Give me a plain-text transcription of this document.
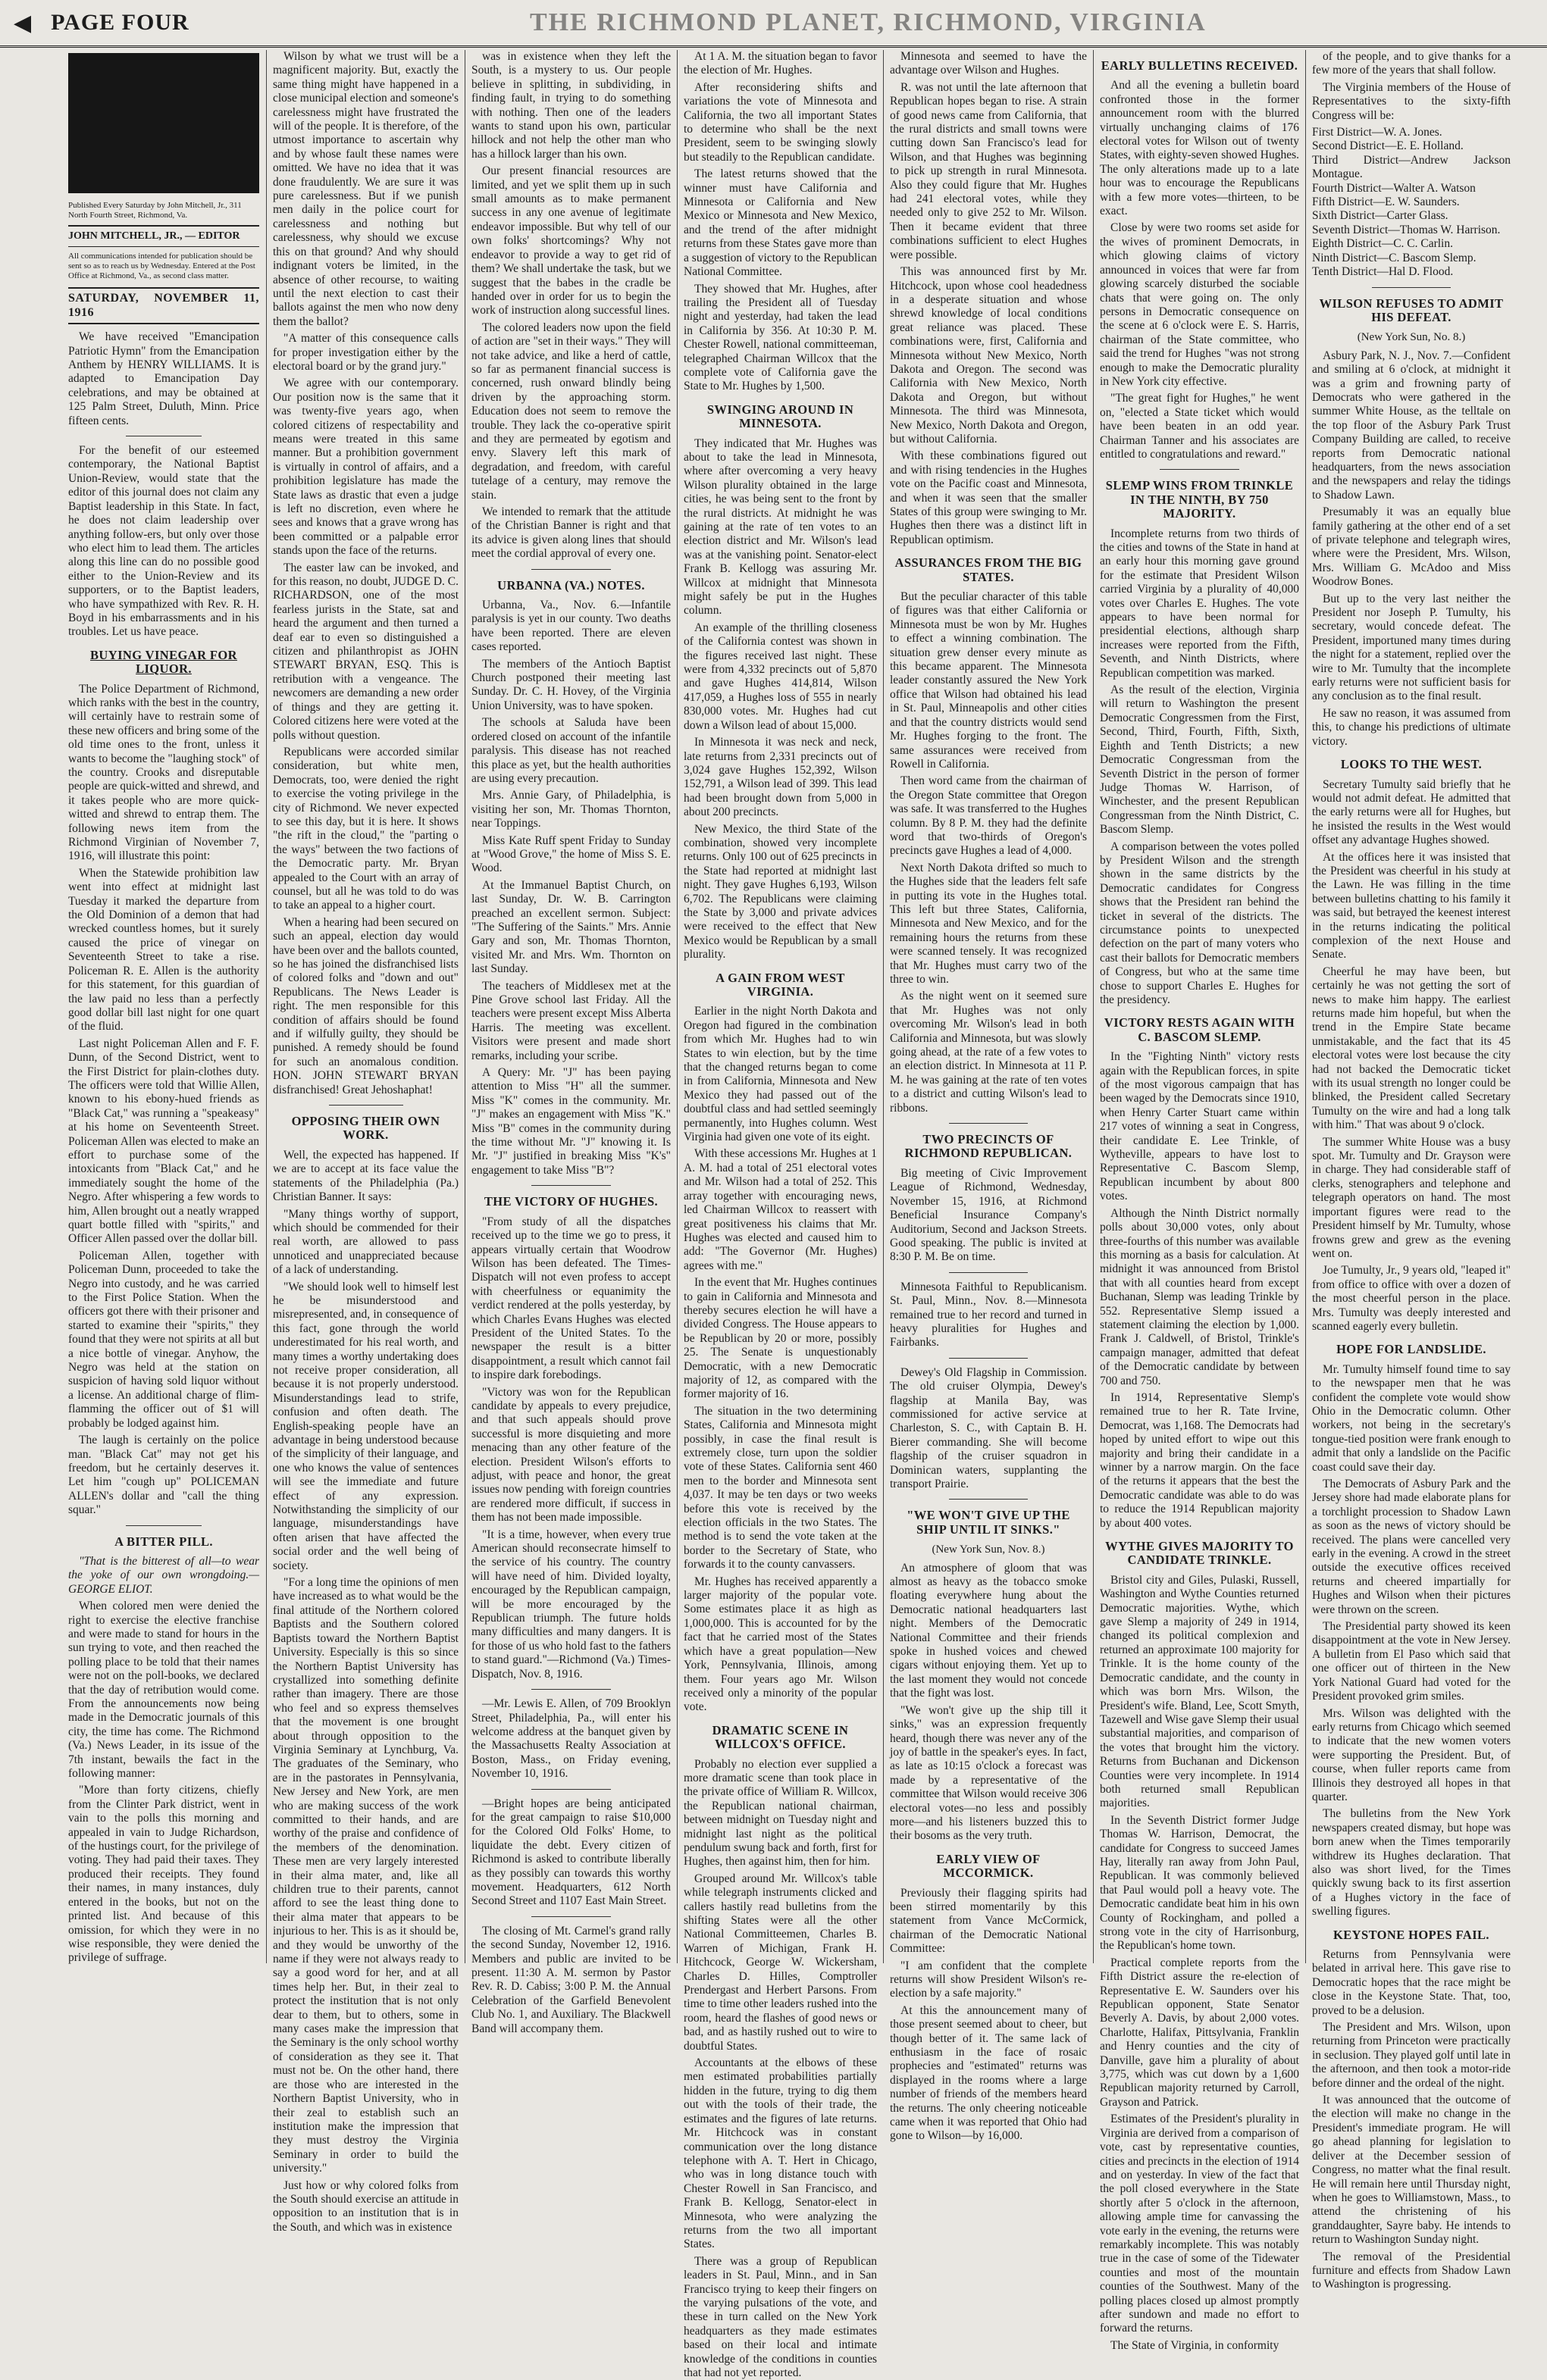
◀ PAGE FOUR	THE RICHMOND PLANET, RICHMOND, VIRGINIA
Published Every Saturday by John Mitchell, Jr., 311 North Fourth Street, Richmond, Va.
JOHN MITCHELL, JR., — EDITOR
All communications intended for publication should be sent so as to reach us by Wednesday. Entered at the Post Office at Richmond, Va., as second class matter.
SATURDAY, NOVEMBER 11, 1916

We have received "Emancipation Patriotic Hymn" from the Emancipation Anthem by HENRY WILLIAMS. It is adapted to Emancipation Day celebrations, and may be obtained at 125 Palm Street, Duluth, Minn. Price fifteen cents.

For the benefit of our esteemed contemporary, the National Baptist Union-Review, would state that the editor of this journal does not claim any Baptist leadership in this State. In fact, he does not claim leadership over anything follow-ers, but only over those who elect him to lead them. The articles along this line can do no possible good either to the Union-Review and its supporters, or to the Baptist leaders, who have sympathized with Rev. R. H. Boyd in his embarrassments and in his troubles. Let us have peace.

BUYING VINEGAR FOR LIQUOR.

The Police Department of Richmond, which ranks with the best in the country, will certainly have to restrain some of these new officers and bring some of the old time ones to the front, unless it wants to become the "laughing stock" of the country. Crooks and disreputable people are quick-witted and shrewd, and it takes people who are more quick-witted and shrewd to entrap them. The following news item from the Richmond Virginian of November 7, 1916, will illustrate this point:

When the Statewide prohibition law went into effect at midnight last Tuesday it marked the departure from the Old Dominion of a demon that had wrecked countless homes, but it surely caused the price of vinegar on Seventeenth Street to take a rise. Policeman R. E. Allen is the authority for this statement, for this guardian of the law paid no less than a perfectly good dollar bill last night for one quart of the fluid.

Last night Policeman Allen and F. F. Dunn, of the Second District, went to the First District for plain-clothes duty. The officers were told that Willie Allen, known to his ebony-hued friends as "Black Cat," was running a "speakeasy" at his home on Seventeenth Street. Policeman Allen was elected to make an effort to purchase some of the intoxicants from "Black Cat," and he immediately sought the home of the Negro. After whispering a few words to him, Allen brought out a neatly wrapped quart bottle filled with "spirits," and Officer Allen passed over the dollar bill.

Policeman Allen, together with Policeman Dunn, proceeded to take the Negro into custody, and he was carried to the First Police Station. When the officers got there with their prisoner and started to examine their "spirits," they found that they were not spirits at all but a nice bottle of vinegar. Anyhow, the Negro was held at the station on suspicion of having sold liquor without a license. An additional charge of flim-flamming the officer out of $1 will probably be lodged against him.

The laugh is certainly on the police man. "Black Cat" may not get his freedom, but he certainly deserves it. Let him "cough up" POLICEMAN ALLEN's dollar and "call the thing squar."

A BITTER PILL.

"That is the bitterest of all—to wear the yoke of our own wrongdoing.—GEORGE ELIOT.

When colored men were denied the right to exercise the elective franchise and were made to stand for hours in the sun trying to vote, and then reached the polling place to be told that their names were not on the poll-books, we declared that the day of retribution would come. From the announcements now being made in the Democratic journals of this city, the time has come. The Richmond (Va.) News Leader, in its issue of the 7th instant, bewails the fact in the following manner:

"More than forty citizens, chiefly from the Clinter Park district, went in vain to the polls this morning and appealed in vain to Judge Richardson, of the hustings court, for the privilege of voting. They had paid their taxes. They produced their receipts. They found their names, in many instances, duly entered in the books, but not on the printed list. And because of this omission, for which they were in no wise responsible, they were denied the privilege of suffrage.

Wilson by what we trust will be a magnificent majority. But, exactly the same thing might have happened in a close municipal election and someone's carelessness might have frustrated the will of the people. It is therefore, of the utmost importance to ascertain why and by whose fault these names were omitted. We have no idea that it was done fraudulently. We are sure it was pure carelessness. But if we punish men daily in the police court for carelessness and nothing but carelessness, why should we excuse this on that ground? And why should indignant voters be limited, in the absence of other recourse, to waiting until the next election to cast their ballots against the men who now deny them the ballot?

"A matter of this consequence calls for proper investigation either by the electoral board or by the grand jury."

We agree with our contemporary. Our position now is the same that it was twenty-five years ago, when colored citizens of respectability and means were treated in this same manner. But a prohibition government is virtually in control of affairs, and a prohibition legislature has made the State laws as drastic that even a judge is left no discretion, even where he sees and knows that a grave wrong has been committed or a palpable error stands upon the face of the returns.

The easter law can be invoked, and for this reason, no doubt, JUDGE D. C. RICHARDSON, one of the most fearless jurists in the State, sat and heard the argument and then turned a deaf ear to even so distinguished a citizen and philanthropist as JOHN STEWART BRYAN, ESQ. This is retribution with a vengeance. The newcomers are demanding a new order of things and they are getting it. Colored citizens here were voted at the polls without question.

Republicans were accorded similar consideration, but white men, Democrats, too, were denied the right to exercise the voting privilege in the city of Richmond. We never expected to see this day, but it is here. It shows "the rift in the cloud," the "parting o the ways" between the two factions of the Democratic party. Mr. Bryan appealed to the Court with an array of counsel, but all he was told to do was to take an appeal to a higher court.

When a hearing had been secured on such an appeal, election day would have been over and the ballots counted, so he has joined the disfranchised lists of colored folks and "down and out" Republicans. The News Leader is right. The men responsible for this condition of affairs should be found and if wilfully guilty, they should be punished. A remedy should be found for such an anomalous condition. HON. JOHN STEWART BRYAN disfranchised! Great Jehoshaphat!

OPPOSING THEIR OWN WORK.

Well, the expected has happened. If we are to accept at its face value the statements of the Philadelphia (Pa.) Christian Banner. It says:

"Many things worthy of support, which should be commended for their real worth, are allowed to pass unnoticed and unappreciated because of a lack of understanding.

"We should look well to himself lest he be misunderstood and misrepresented, and, in consequence of this fact, gone through the world underestimated for his real worth, and many times a worthy undertaking does not receive proper consideration, all because it is not properly understood. Misunderstandings lead to strife, confusion and often death. The English-speaking people have an advantage in being understood because of the simplicity of their language, and one who knows the value of sentences will see the immediate and future effect of any expression. Notwithstanding the simplicity of our language, misunderstandings have often arisen that have affected the social order and the well being of society.

"For a long time the opinions of men have increased as to what would be the final attitude of the Northern colored Baptists and the Southern colored Baptists toward the Northern Baptist University. Especially is this so since the Northern Baptist University has crystallized into something definite rather than imagery. There are those who feel and so express themselves that the movement is one brought about through opposition to the Virginia Seminary at Lynchburg, Va. The graduates of the Seminary, who are in the pastorates in Pennsylvania, New Jersey and New York, are men who are making success of the work committed to their hands, and are worthy of the praise and confidence of the members of the denomination. These men are very largely interested in their alma mater, and, like all children true to their parents, cannot afford to see the least thing done to their alma mater that appears to be injurious to her. This is as it should be, and they would be unworthy of the name if they were not always ready to say a good word for her, and at all times help her. But, in their zeal to protect the institution that is not only dear to them, but to others, some in many cases make the impression that the Seminary is the only school worthy of consideration as they see it. That must not be. On the other hand, there are those who are interested in the Northern Baptist University, who in their zeal to establish such an institution make the impression that they must destroy the Virginia Seminary in order to build the university."

Just how or why colored folks from the South should exercise an attitude in opposition to an institution that is in the South, and which was in existence

was in existence when they left the South, is a mystery to us. Our people believe in splitting, in subdividing, in finding fault, in trying to do something with nothing. Then one of the leaders wants to stand upon his own, particular hillock and not help the other man who has a hillock larger than his own.

Our present financial resources are limited, and yet we split them up in such small amounts as to make permanent success in any one avenue of legitimate endeavor impossible. But why tell of our own folks' shortcomings? Why not endeavor to provide a way to get rid of them? We shall undertake the task, but we suggest that the babes in the cradle be handed over in order for us to begin the work of instruction along successful lines.

The colored leaders now upon the field of action are "set in their ways." They will not take advice, and like a herd of cattle, so far as permanent financial success is concerned, rush onward blindly being driven by the approaching storm. Education does not seem to remove the trouble. They lack the co-operative spirit and they are permeated by egotism and envy. Slavery left this mark of degradation, and freedom, with careful tutelage of a century, may remove the stain.

We intended to remark that the attitude of the Christian Banner is right and that its advice is given along lines that should meet the cordial approval of every one.

URBANNA (VA.) NOTES.

Urbanna, Va., Nov. 6.—Infantile paralysis is yet in our county. Two deaths have been reported. There are eleven cases reported.

The members of the Antioch Baptist Church postponed their meeting last Sunday. Dr. C. H. Hovey, of the Virginia Union University, was to have spoken.

The schools at Saluda have been ordered closed on account of the infantile paralysis. This disease has not reached this place as yet, but the health authorities are using every precaution.

Mrs. Annie Gary, of Philadelphia, is visiting her son, Mr. Thomas Thornton, near Toppings.

Miss Kate Ruff spent Friday to Sunday at "Wood Grove," the home of Miss S. E. Wood.

At the Immanuel Baptist Church, on last Sunday, Dr. W. B. Carrington preached an excellent sermon. Subject: "The Suffering of the Saints." Mrs. Annie Gary and son, Mr. Thomas Thornton, visited Mr. and Mrs. Wm. Thornton on last Sunday.

The teachers of Middlesex met at the Pine Grove school last Friday. All the teachers were present except Miss Alberta Harris. The meeting was excellent. Visitors were present and made short remarks, including your scribe.

A Query: Mr. "J" has been paying attention to Miss "H" all the summer. Miss "K" comes in the community. Mr. "J" makes an engagement with Miss "K." Miss "B" comes in the community during the time without Mr. "J" knowing it. Is Mr. "J" justified in breaking Miss "K's" engagement to take Miss "B"?

THE VICTORY OF HUGHES.

"From study of all the dispatches received up to the time we go to press, it appears virtually certain that Woodrow Wilson has been defeated. The Times-Dispatch will not even profess to accept with cheerfulness or equanimity the verdict rendered at the polls yesterday, by which Charles Evans Hughes was elected President of the United States. To the newspaper the result is a bitter disappointment, a result which cannot fail to inspire dark forebodings.

"Victory was won for the Republican candidate by appeals to every prejudice, and that such appeals should prove successful is more disquieting and more menacing than any other feature of the election. President Wilson's efforts to adjust, with peace and honor, the great issues now pending with foreign countries are rendered more difficult, if success in them has not been made impossible.

"It is a time, however, when every true American should reconsecrate himself to the service of his country. The country will have need of him. Divided loyalty, encouraged by the Republican campaign, will be more encouraged by the Republican triumph. The future holds many difficulties and many dangers. It is for those of us who hold fast to the fathers to stand guard."—Richmond (Va.) Times-Dispatch, Nov. 8, 1916.

—Mr. Lewis E. Allen, of 709 Brooklyn Street, Philadelphia, Pa., will enter his welcome address at the banquet given by the Massachusetts Realty Association at Boston, Mass., on Friday evening, November 10, 1916.

—Bright hopes are being anticipated for the great campaign to raise $10,000 for the Colored Old Folks' Home, to liquidate the debt. Every citizen of Richmond is asked to contribute liberally as they possibly can towards this worthy movement. Headquarters, 612 North Second Street and 1107 East Main Street.

The closing of Mt. Carmel's grand rally the second Sunday, November 12, 1916. Members and public are invited to be present. 11:30 A. M. sermon by Pastor Rev. R. D. Cabiss; 3:00 P. M. the Annual Celebration of the Garfield Benevolent Club No. 1, and Auxiliary. The Blackwell Band will accompany them.

At 1 A. M. the situation began to favor the election of Mr. Hughes.

After reconsidering shifts and variations the vote of Minnesota and California, the two all important States to determine who shall be the next President, seem to be swinging slowly but steadily to the Republican candidate.

The latest returns showed that the winner must have California and Minnesota or California and New Mexico or Minnesota and New Mexico, and the trend of the after midnight returns from these States gave more than a suggestion of victory to the Republican National Committee.

They showed that Mr. Hughes, after trailing the President all of Tuesday night and yesterday, had taken the lead in California by 356. At 10:30 P. M. Chester Rowell, national committeeman, telegraphed Chairman Willcox that the complete vote of California gave the State to Mr. Hughes by 1,500.

SWINGING AROUND IN MINNESOTA.

They indicated that Mr. Hughes was about to take the lead in Minnesota, where after overcoming a very heavy Wilson plurality obtained in the large cities, he was being sent to the front by the rural districts. At midnight he was gaining at the rate of ten votes to an election district and Mr. Wilson's lead was at the vanishing point. Senator-elect Frank B. Kellogg was assuring Mr. Willcox at midnight that Minnesota might safely be put in the Hughes column.

An example of the thrilling closeness of the California contest was shown in the figures received last night. These were from 4,332 precincts out of 5,870 and gave Hughes 414,814, Wilson 417,059, a Hughes loss of 555 in nearly 830,000 votes. Mr. Hughes had cut down a Wilson lead of about 15,000.

In Minnesota it was neck and neck, late returns from 2,331 precincts out of 3,024 gave Hughes 152,392, Wilson 152,791, a Wilson lead of 399. This lead had been brought down from 5,000 in about 200 precincts.

New Mexico, the third State of the combination, showed very incomplete returns. Only 100 out of 625 precincts in the State had reported at midnight last night. They gave Hughes 6,193, Wilson 6,702. The Republicans were claiming the State by 3,000 and private advices were received to the effect that New Mexico would be Republican by a small plurality.

A GAIN FROM WEST VIRGINIA.

Earlier in the night North Dakota and Oregon had figured in the combination from which Mr. Hughes had to win States to win election, but by the time that the changed returns began to come in from California, Minnesota and New Mexico they had passed out of the doubtful class and had settled seemingly permanently, into Hughes column. West Virginia had given one vote of its eight.

With these accessions Mr. Hughes at 1 A. M. had a total of 251 electoral votes and Mr. Wilson had a total of 252. This array together with encouraging news, led Chairman Willcox to reassert with great positiveness his claims that Mr. Hughes was elected and caused him to add: "The Governor (Mr. Hughes) agrees with me."

In the event that Mr. Hughes continues to gain in California and Minnesota and thereby secures election he will have a divided Congress. The House appears to be Republican by 20 or more, possibly 25. The Senate is unquestionably Democratic, with a new Democratic majority of 12, as compared with the former majority of 16.

The situation in the two determining States, California and Minnesota might possibly, in case the final result is extremely close, turn upon the soldier vote of these States. California sent 460 men to the border and Minnesota sent 4,037. It may be ten days or two weeks before this vote is received by the election officials in the two States. The method is to send the vote taken at the border to the Secretary of State, who forwards it to the county canvassers.

Mr. Hughes has received apparently a larger majority of the popular vote. Some estimates place it as high as 1,000,000. This is accounted for by the fact that he carried most of the States which have a great population—New York, Pennsylvania, Illinois, among them. Four years ago Mr. Wilson received only a minority of the popular vote.

DRAMATIC SCENE IN WILLCOX'S OFFICE.

Probably no election ever supplied a more dramatic scene than took place in the private office of William R. Willcox, the Republican national chairman, between midnight on Tuesday night and midnight last night as the political pendulum swung back and forth, first for Hughes, then against him, then for him.

Grouped around Mr. Willcox's table while telegraph instruments clicked and callers hastily read bulletins from the shifting States were all the other National Committeemen, Charles B. Warren of Michigan, Frank H. Hitchcock, George W. Wickersham, Charles D. Hilles, Comptroller Prendergast and Herbert Parsons. From time to time other leaders rushed into the room, heard the flashes of good news or bad, and as hastily rushed out to wire to doubtful States.

Accountants at the elbows of these men estimated probabilities partially hidden in the future, trying to dig them out with the tools of their trade, the estimates and the figures of late returns. Mr. Hitchcock was in constant communication over the long distance telephone with A. T. Hert in Chicago, who was in long distance touch with Chester Rowell in San Francisco, and Frank B. Kellogg, Senator-elect in Minnesota, who were analyzing the returns from the two all important States.

There was a group of Republican leaders in St. Paul, Minn., and in San Francisco trying to keep their fingers on the varying pulsations of the vote, and these in turn called on the New York headquarters as they made estimates based on their local and intimate knowledge of the conditions in counties that had not yet reported.

Minnesota and seemed to have the advantage over Wilson and Hughes.

R. was not until the late afternoon that Republican hopes began to rise. A strain of good news came from California, that the rural districts and small towns were cutting down San Francisco's lead for Wilson, and that Hughes was beginning to pick up strength in rural Minnesota. Also they could figure that Mr. Hughes had 241 electoral votes, while they needed only to give 252 to Mr. Wilson. Then it became evident that three combinations sufficient to elect Hughes were possible.

This was announced first by Mr. Hitchcock, upon whose cool headedness in a desperate situation and whose shrewd knowledge of local conditions great reliance was placed. These combinations were, first, California and Minnesota without New Mexico, North Dakota and Oregon. The second was California with New Mexico, North Dakota and Oregon, but without Minnesota. The third was Minnesota, New Mexico, North Dakota and Oregon, but without California.

With these combinations figured out and with rising tendencies in the Hughes vote on the Pacific coast and Minnesota, and when it was seen that the smaller States of this group were swinging to Mr. Hughes then there was a distinct lift in Republican optimism.

ASSURANCES FROM THE BIG STATES.

But the peculiar character of this table of figures was that either California or Minnesota must be won by Mr. Hughes to effect a winning combination. The situation grew denser every minute as this became apparent. The Minnesota leader constantly assured the New York office that Wilson had obtained his lead in St. Paul, Minneapolis and other cities and that the country districts would send Mr. Hughes forging to the front. The same assurances were received from Rowell in California.

Then word came from the chairman of the Oregon State committee that Oregon was safe. It was transferred to the Hughes column. By 8 P. M. they had the definite word that two-thirds of Oregon's precincts gave Hughes a lead of 4,000.

Next North Dakota drifted so much to the Hughes side that the leaders felt safe in putting its vote in the Hughes total. This left but three States, California, Minnesota and New Mexico, and for the remaining hours the returns from these were scanned tensely. It was recognized that Mr. Hughes must carry two of the three to win.

As the night went on it seemed sure that Mr. Hughes was not only overcoming Mr. Wilson's lead in both California and Minnesota, but was slowly going ahead, at the rate of a few votes to an election district. In Minnesota at 11 P. M. he was gaining at the rate of ten votes to a district and cutting Wilson's lead to ribbons.

TWO PRECINCTS OF RICHMOND REPUBLICAN.

Big meeting of Civic Improvement League of Richmond, Wednesday, November 15, 1916, at Richmond Beneficial Insurance Company's Auditorium, Second and Jackson Streets. Good speaking. The public is invited at 8:30 P. M. Be on time.

Minnesota Faithful to Republicanism. St. Paul, Minn., Nov. 8.—Minnesota remained true to her record and turned in heavy pluralities for Hughes and Fairbanks.

Dewey's Old Flagship in Commission. The old cruiser Olympia, Dewey's flagship at Manila Bay, was commissioned for active service at Charleston, S. C., with Captain B. H. Bierer commanding. She will become flagship of the cruiser squadron in Dominican waters, supplanting the transport Prairie.

"WE WON'T GIVE UP THE SHIP UNTIL IT SINKS."
(New York Sun, Nov. 8.)

An atmosphere of gloom that was almost as heavy as the tobacco smoke floating everywhere hung about the Democratic national headquarters last night. Members of the Democratic National Committee and their friends spoke in hushed voices and chewed cigars without enjoying them. Yet up to the last moment they would not concede that the fight was lost.

"We won't give up the ship till it sinks," was an expression frequently heard, though there was never any of the joy of battle in the speaker's eyes. In fact, as late as 10:15 o'clock a forecast was made by a representative of the committee that Wilson would receive 306 electoral votes—no less and possibly more—and his listeners buzzed this to their bosoms as the very truth.

EARLY VIEW OF MCCORMICK.

Previously their flagging spirits had been stirred momentarily by this statement from Vance McCormick, chairman of the Democratic National Committee:

"I am confident that the complete returns will show President Wilson's re-election by a safe majority."

At this the announcement many of those present seemed about to cheer, but though better of it. The same lack of enthusiasm in the face of rosaic prophecies and "estimated" returns was displayed in the rooms where a large number of friends of the members heard the returns. The only cheering noticeable came when it was reported that Ohio had gone to Wilson—by 16,000.

EARLY BULLETINS RECEIVED.

And all the evening a bulletin board confronted those in the former announcement room with the blurred virtually unchanging claims of 176 electoral votes for Wilson out of twenty States, with eighty-seven showed Hughes. The only alterations made up to a late hour was to encourage the Republicans with a few more votes—thirteen, to be exact.

Close by were two rooms set aside for the wives of prominent Democrats, in which glowing claims of victory announced in voices that were far from glowing scarcely disturbed the sociable chats that were going on. The only persons in Democratic consequence on the scene at 6 o'clock were E. S. Harris, chairman of the State committee, who said the trend for Hughes "was not strong enough to make the Democratic plurality in New York city effective.

"The great fight for Hughes," he went on, "elected a State ticket which would have been beaten in an odd year. Chairman Tanner and his associates are entitled to congratulations and reward."

SLEMP WINS FROM TRINKLE IN THE NINTH, BY 750 MAJORITY.

Incomplete returns from two thirds of the cities and towns of the State in hand at an early hour this morning gave ground for the estimate that President Wilson carried Virginia by a plurality of 40,000 votes over Charles E. Hughes. The vote appears to have been normal for presidential elections, although sharp increases were reported from the Fifth, Seventh, and Ninth Districts, where Republican competition was marked.

As the result of the election, Virginia will return to Washington the present Democratic Congressmen from the First, Second, Third, Fourth, Fifth, Sixth, Eighth and Tenth Districts; a new Democratic Congressman from the Seventh District in the person of former Judge Thomas W. Harrison, of Winchester, and the present Republican Congressman from the Ninth District, C. Bascom Slemp.

A comparison between the votes polled by President Wilson and the strength shown in the same districts by the Democratic candidates for Congress shows that the President ran behind the ticket in several of the districts. The circumstance points to unexpected defection on the part of many voters who cast their ballots for Democratic members of Congress, but who at the same time chose to support Charles E. Hughes for the presidency.

VICTORY RESTS AGAIN WITH C. BASCOM SLEMP.

In the "Fighting Ninth" victory rests again with the Republican forces, in spite of the most vigorous campaign that has been waged by the Democrats since 1910, when Henry Carter Stuart came within 217 votes of winning a seat in Congress, their candidate E. Lee Trinkle, of Wytheville, appears to have lost to Representative C. Bascom Slemp, Republican incumbent by about 800 votes.

Although the Ninth District normally polls about 30,000 votes, only about three-fourths of this number was available this morning as a basis for calculation. At midnight it was announced from Bristol that with all counties heard from except Buchanan, Slemp was leading Trinkle by 552. Representative Slemp issued a statement claiming the election by 1,000. Frank J. Caldwell, of Bristol, Trinkle's campaign manager, admitted that defeat of the Democratic candidate by between 700 and 750.

In 1914, Representative Slemp's remained true to her R. Tate Irvine, Democrat, was 1,168. The Democrats had hoped by united effort to wipe out this majority and bring their candidate in a winner by a narrow margin. On the face of the returns it appears that the best the Democratic candidate was able to do was to reduce the 1914 Republican majority by about 400 votes.

WYTHE GIVES MAJORITY TO CANDIDATE TRINKLE.

Bristol city and Giles, Pulaski, Russell, Washington and Wythe Counties returned Democratic majorities. Wythe, which gave Slemp a majority of 249 in 1914, changed its political complexion and returned an approximate 100 majority for Trinkle. It is the home county of the Democratic candidate, and the county in which was born Mrs. Wilson, the President's wife. Bland, Lee, Scott Smyth, Tazewell and Wise gave Slemp their usual substantial majorities, and comparison of the votes that brought him the victory. Returns from Buchanan and Dickenson Counties were very incomplete. In 1914 both returned small Republican majorities.

In the Seventh District former Judge Thomas W. Harrison, Democrat, the candidate for Congress to succeed James Hay, literally ran away from John Paul, Republican. It was commonly believed that Paul would poll a heavy vote. The Democratic candidate beat him in his own County of Rockingham, and polled a strong vote in the city of Harrisonburg, the Republican's home town.

Practical complete reports from the Fifth District assure the re-election of Representative E. W. Saunders over his Republican opponent, State Senator Beverly A. Davis, by about 2,000 votes. Charlotte, Halifax, Pittsylvania, Franklin and Henry counties and the city of Danville, gave him a plurality of about 3,775, which was cut down by a 1,600 Republican majority returned by Carroll, Grayson and Patrick.

Estimates of the President's plurality in Virginia are derived from a comparison of vote, cast by representative counties, cities and precincts in the election of 1914 and on yesterday. In view of the fact that the poll closed everywhere in the State shortly after 5 o'clock in the afternoon, allowing ample time for canvassing the vote early in the evening, the returns were remarkably incomplete. This was notably true in the case of some of the Tidewater counties and most of the mountain counties of the Southwest. Many of the polling places closed up almost promptly after sundown and made no effort to forward the returns.

The State of Virginia, in conformity

of the people, and to give thanks for a few more of the years that shall follow.

The Virginia members of the House of Representatives to the sixty-fifth Congress will be:

First District—W. A. Jones.
Second District—E. E. Holland.
Third District—Andrew Jackson Montague.
Fourth District—Walter A. Watson
Fifth District—E. W. Saunders.
Sixth District—Carter Glass.
Seventh District—Thomas W. Harrison.
Eighth District—C. C. Carlin.
Ninth District—C. Bascom Slemp.
Tenth District—Hal D. Flood.
WILSON REFUSES TO ADMIT HIS DEFEAT.
(New York Sun, No. 8.)

Asbury Park, N. J., Nov. 7.—Confident and smiling at 6 o'clock, at midnight it was a grim and frowning party of Democrats who were gathered in the summer White House, as the telltale on the top floor of the Asbury Park Trust Company Building are called, to receive reports from Democratic national headquarters, from the news association and the newspapers and relay the tidings to Shadow Lawn.

Presumably it was an equally blue family gathering at the other end of a set of private telephone and telegraph wires, where were the President, Mrs. Wilson, Mrs. William G. McAdoo and Miss Woodrow Bones.

But up to the very last neither the President nor Joseph P. Tumulty, his secretary, would concede defeat. The President, importuned many times during the night for a statement, replied over the wire to Mr. Tumulty that the incomplete early returns were not sufficient basis for any conclusion as to the final result.

He saw no reason, it was assumed from this, to change his predictions of ultimate victory.

LOOKS TO THE WEST.

Secretary Tumulty said briefly that he would not admit defeat. He admitted that the early returns were all for Hughes, but he insisted the results in the West would offset any advantage Hughes showed.

At the offices here it was insisted that the President was cheerful in his study at the Lawn. He was filling in the time between bulletins chatting to his family it was said, but betrayed the keenest interest in the returns indicating the political complexion of the next House and Senate.

Cheerful he may have been, but certainly he was not getting the sort of news to make him happy. The earliest returns made him hopeful, but when the trend in the Empire State became unmistakable, and the fact that its 45 electoral votes were lost because the city had not backed the Democratic ticket with its usual strength no longer could be blinked, the President called Secretary Tumulty on the wire and had a long talk with him." That was about 9 o'clock.

The summer White House was a busy spot. Mr. Tumulty and Dr. Grayson were in charge. They had considerable staff of clerks, stenographers and telephone and telegraph operators on hand. The most important figures were read to the President himself by Mr. Tumulty, whose frowns grew and grew as the evening went on.

Joe Tumulty, Jr., 9 years old, "leaped it" from office to office with over a dozen of the most cheerful person in the place. Mrs. Tumulty was deeply interested and scanned eagerly every bulletin.

HOPE FOR LANDSLIDE.

Mr. Tumulty himself found time to say to the newspaper men that he was confident the complete vote would show Ohio in the Democratic column. Other workers, not being in the secretary's tongue-tied position were frank enough to admit that only a landslide on the Pacific coast could save their day.

The Democrats of Asbury Park and the Jersey shore had made elaborate plans for a torchlight procession to Shadow Lawn as soon as the news of victory should be received. The plans were cancelled very early in the evening. A crowd in the street outside the executive offices received returns and cheered impartially for Hughes and Wilson when their pictures were thrown on the screen.

The Presidential party showed its keen disappointment at the vote in New Jersey. A bulletin from El Paso which said that one officer out of thirteen in the New York National Guard had voted for the President provoked grim smiles.

Mrs. Wilson was delighted with the early returns from Chicago which seemed to indicate that the new women voters were supporting the President. But, of course, when fuller reports came from Illinois they destroyed all hopes in that quarter.

The bulletins from the New York newspapers created dismay, but hope was born anew when the Times temporarily withdrew its Hughes declaration. That also was short lived, for the Times quickly swung back to its first assertion of a Hughes victory in the face of swelling figures.

KEYSTONE HOPES FAIL.

Returns from Pennsylvania were belated in arrival here. This gave rise to Democratic hopes that the race might be close in the Keystone State. That, too, proved to be a delusion.

The President and Mrs. Wilson, upon returning from Princeton were practically in seclusion. They played golf until late in the afternoon, and then took a motor-ride before dinner and the ordeal of the night.

It was announced that the outcome of the election will make no change in the President's immediate program. He will go ahead planning for legislation to deliver at the December session of Congress, no matter what the final result. He will remain here until Thursday night, when he goes to Williamstown, Mass., to attend the christening of his granddaughter, Sayre baby. He intends to return to Washington Sunday night.

The removal of the Presidential furniture and effects from Shadow Lawn to Washington is progressing.
